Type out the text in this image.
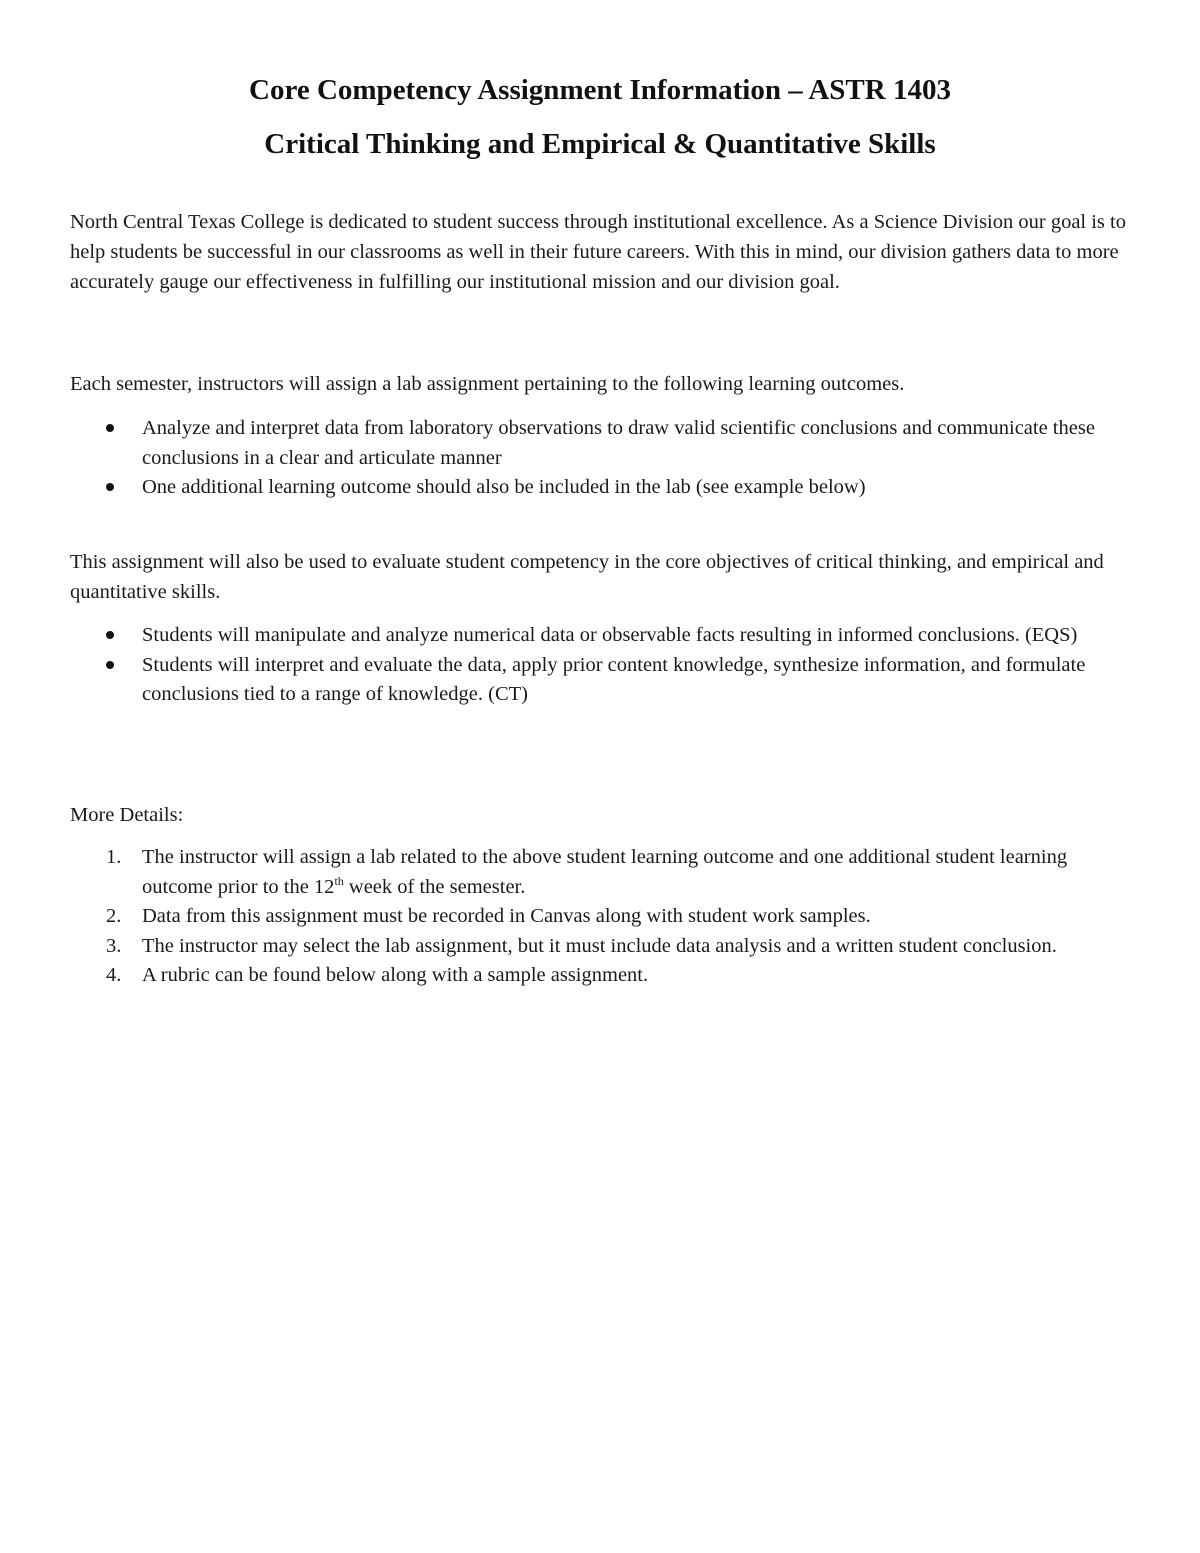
Core Competency Assignment Information – ASTR 1403
Critical Thinking and Empirical & Quantitative Skills

North Central Texas College is dedicated to student success through institutional excellence. As a Science Division our goal is to help students be successful in our classrooms as well in their future careers. With this in mind, our division gathers data to more accurately gauge our effectiveness in fulfilling our institutional mission and our division goal.

Each semester, instructors will assign a lab assignment pertaining to the following learning outcomes.

Analyze and interpret data from laboratory observations to draw valid scientific conclusions and communicate these conclusions in a clear and articulate manner
One additional learning outcome should also be included in the lab (see example below)

This assignment will also be used to evaluate student competency in the core objectives of critical thinking, and empirical and quantitative skills.

Students will manipulate and analyze numerical data or observable facts resulting in informed conclusions. (EQS)
Students will interpret and evaluate the data, apply prior content knowledge, synthesize information, and formulate conclusions tied to a range of knowledge. (CT)

More Details:

1. The instructor will assign a lab related to the above student learning outcome and one additional student learning outcome prior to the 12th week of the semester.
2. Data from this assignment must be recorded in Canvas along with student work samples.
3. The instructor may select the lab assignment, but it must include data analysis and a written student conclusion.
4. A rubric can be found below along with a sample assignment.
